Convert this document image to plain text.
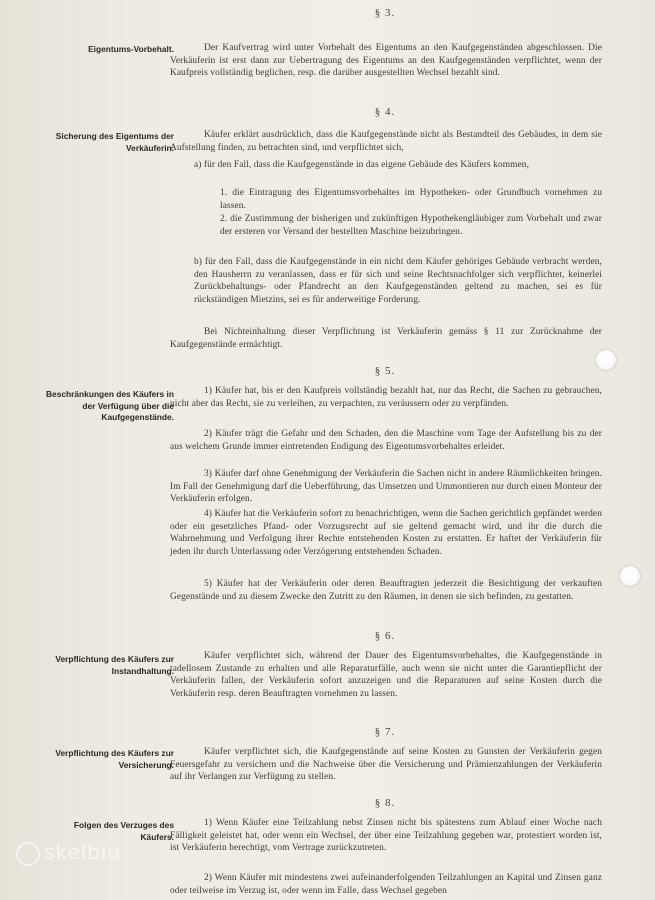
§ 3.
Eigentums-Vorbehalt.	Der Kaufvertrag wird unter Vorbehalt des Eigentums an den Kaufgegenständen abgeschlossen. Die Verkäuferin ist erst dann zur Uebertragung des Eigentums an den Kaufgegenständen verpflichtet, wenn der Kaufpreis vollständig beglichen, resp. die darüber ausgestellten Wechsel bezahlt sind.
§ 4.
Sicherung des Eigentums der Verkäuferin.
Käufer erklärt ausdrücklich, dass die Kaufgegenstände nicht als Bestandteil des Gebäudes, in dem sie Aufstellung finden, zu betrachten sind, und verpflichtet sich,
a) für den Fall, dass die Kaufgegenstände in das eigene Gebäude des Käufers kommen,
1. die Eintragung des Eigentumsvorbehaltes im Hypotheken- oder Grundbuch vornehmen zu lassen.
2. die Zustimmung der bisherigen und zukünftigen Hypothekengläubiger zum Vorbehalt und zwar der ersteren vor Versand der bestellten Maschine beizubringen.
b) für den Fall, dass die Kaufgegenstände in ein nicht dem Käufer gehöriges Gebäude verbracht werden, den Hausherrn zu veranlassen, dass er für sich und seine Rechtsnachfolger sich verpflichtet, keinerlei Zurückbehaltungs- oder Pfandrecht an den Kaufgegenständen geltend zu machen, sei es für rückständigen Mietzins, sei es für anderweitige Forderung.
Bei Nichteinhaltung dieser Verpflichtung ist Verkäuferin gemäss § 11 zur Zurücknahme der Kaufgegenstände ermächtigt.
§ 5.
Beschränkungen des Käufers in der Verfügung über die Kaufgegenstände.
1) Käufer hat, bis er den Kaufpreis vollständig bezahlt hat, nur das Recht, die Sachen zu gebrauchen, nicht aber das Recht, sie zu verleihen, zu verpachten, zu veräussern oder zu verpfänden.
2) Käufer trägt die Gefahr und den Schaden, den die Maschine vom Tage der Aufstellung bis zu der aus welchem Grunde immer eintretenden Endigung des Eigentumsvorbehaltes erleidet.
3) Käufer darf ohne Genehmigung der Verkäuferin die Sachen nicht in andere Räumlichkeiten bringen. Im Fall der Genehmigung darf die Ueberführung, das Umsetzen und Ummontieren nur durch einen Monteur der Verkäuferin erfolgen.
4) Käufer hat die Verkäuferin sofort zu benachrichtigen, wenn die Sachen gerichtlich gepfändet werden oder ein gesetzliches Pfand- oder Vorzugsrecht auf sie geltend gemacht wird, und ihr die durch die Wahrnehmung und Verfolgung ihrer Rechte entstehenden Kosten zu erstatten. Er haftet der Verkäuferin für jeden ihr durch Unterlassung oder Verzögerung entstehenden Schaden.
5) Käufer hat der Verkäuferin oder deren Beauftragten jederzeit die Besichtigung der verkauften Gegenstände und zu diesem Zwecke den Zutritt zu den Räumen, in denen sie sich befinden, zu gestatten.
§ 6.
Verpflichtung des Käufers zur Instandhaltung.
Käufer verpflichtet sich, während der Dauer des Eigentumsvorbehaltes, die Kaufgegenstände in tadellosem Zustande zu erhalten und alle Reparaturfälle, auch wenn sie nicht unter die Garantiepflicht der Verkäuferin fallen, der Verkäuferin sofort anzuzeigen und die Reparaturen auf seine Kosten durch die Verkäuferin resp. deren Beauftragten vornehmen zu lassen.
§ 7.
Verpflichtung des Käufers zur Versicherung.
Käufer verpflichtet sich, die Kaufgegenstände auf seine Kosten zu Gunsten der Verkäuferin gegen Feuersgefahr zu versichern und die Nachweise über die Versicherung und Prämienzahlungen der Verkäuferin auf ihr Verlangen zur Verfügung zu stellen.
§ 8.
Folgen des Verzuges des Käufers.
1) Wenn Käufer eine Teilzahlung nebst Zinsen nicht bis spätestens zum Ablauf einer Woche nach Fälligkeit geleistet hat, oder wenn ein Wechsel, der über eine Teilzahlung gegeben war, protestiert worden ist, ist Verkäuferin berechtigt, vom Vertrage zurückzutreten.
2) Wenn Käufer mit mindestens zwei aufeinanderfolgenden Teilzahlungen an Kapital und Zinsen ganz oder teilweise im Verzug ist, oder wenn im Falle, dass Wechsel gegeben
skelbiu
